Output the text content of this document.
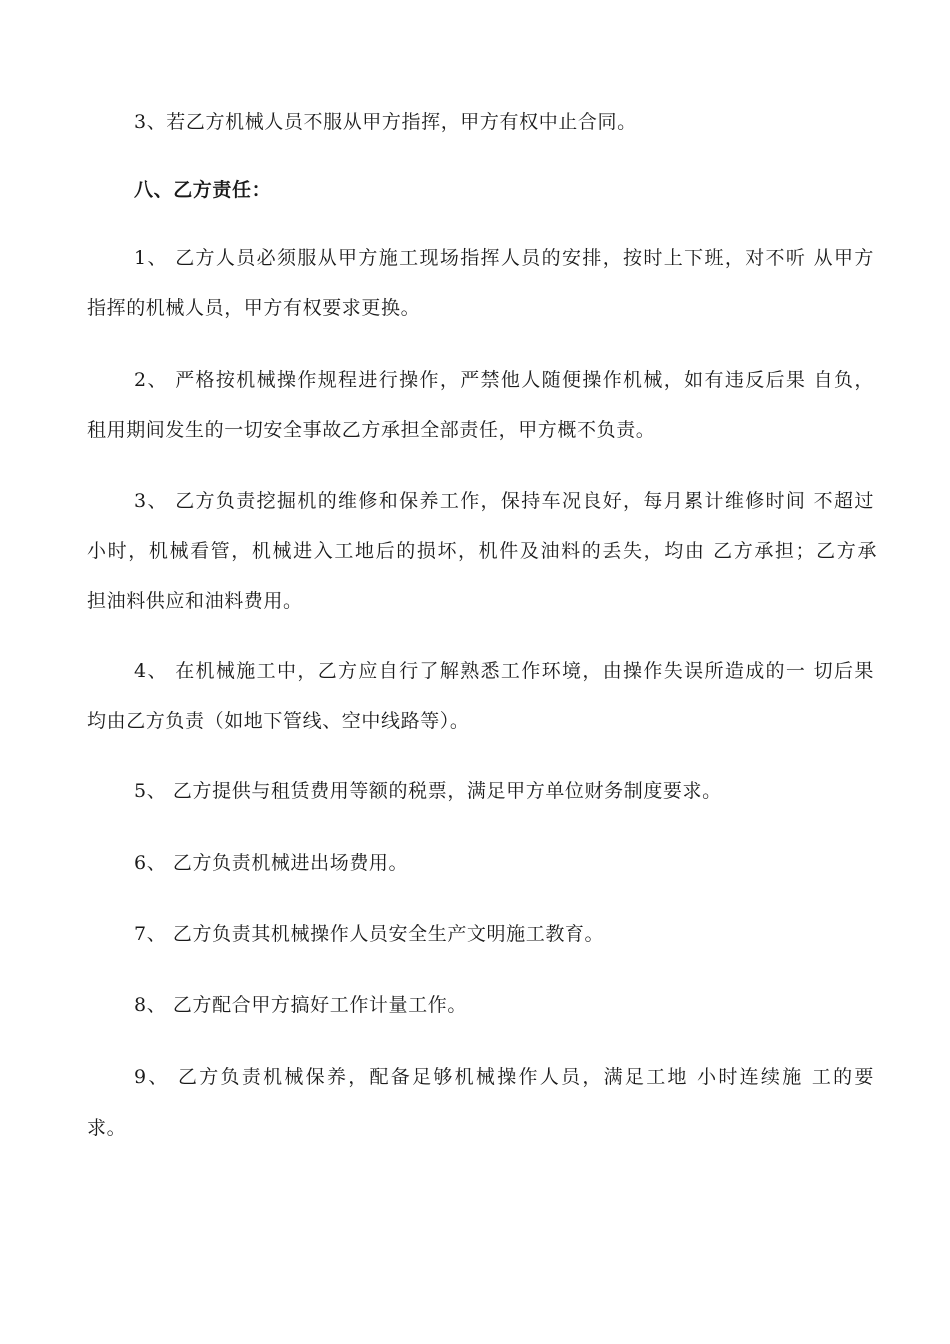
3、若乙方机械人员不服从甲方指挥，甲方有权中止合同。
八、乙方责任：
1、 乙方人员必须服从甲方施工现场指挥人员的安排，按时上下班，对不听 从甲方
指挥的机械人员，甲方有权要求更换。
2、 严格按机械操作规程进行操作，严禁他人随便操作机械，如有违反后果 自负，
租用期间发生的一切安全事故乙方承担全部责任，甲方概不负责。
3、 乙方负责挖掘机的维修和保养工作，保持车况良好，每月累计维修时间 不超过
小时，机械看管，机械进入工地后的损坏，机件及油料的丢失，均由 乙方承担；乙方承
担油料供应和油料费用。
4、 在机械施工中，乙方应自行了解熟悉工作环境，由操作失误所造成的一 切后果
均由乙方负责（如地下管线、空中线路等）。
5、 乙方提供与租赁费用等额的税票，满足甲方单位财务制度要求。
6、 乙方负责机械进出场费用。
7、 乙方负责其机械操作人员安全生产文明施工教育。
8、 乙方配合甲方搞好工作计量工作。
9、 乙方负责机械保养，配备足够机械操作人员，满足工地 小时连续施 工的要
求。
